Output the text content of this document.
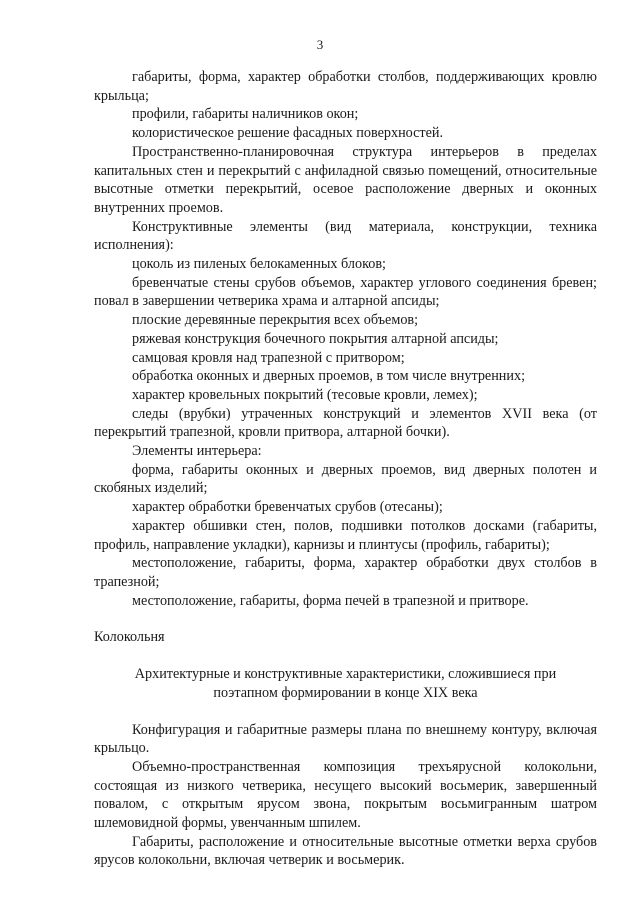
3

габариты, форма, характер обработки столбов, поддерживающих кровлю крыльца;

профили, габариты наличников окон;

колористическое решение фасадных поверхностей.

Пространственно-планировочная структура интерьеров в пределах капитальных стен и перекрытий с анфиладной связью помещений, относительные высотные отметки перекрытий, осевое расположение дверных и оконных внутренних проемов.

Конструктивные элементы (вид материала, конструкции, техника исполнения):

цоколь из пиленых белокаменных блоков;

бревенчатые стены срубов объемов, характер углового соединения бревен; повал в завершении четверика храма и алтарной апсиды;

плоские деревянные перекрытия всех объемов;

ряжевая конструкция бочечного покрытия алтарной апсиды;

самцовая кровля над трапезной с притвором;

обработка оконных и дверных проемов, в том числе внутренних;

характер кровельных покрытий (тесовые кровли, лемех);

следы (врубки) утраченных конструкций и элементов XVII века (от перекрытий трапезной, кровли притвора, алтарной бочки).

Элементы интерьера:

форма, габариты оконных и дверных проемов, вид дверных полотен и скобяных изделий;

характер обработки бревенчатых срубов (отесаны);

характер обшивки стен, полов, подшивки потолков досками (габариты, профиль, направление укладки), карнизы и плинтусы (профиль, габариты);

местоположение, габариты, форма, характер обработки двух столбов в трапезной;

местоположение, габариты, форма печей в трапезной и притворе.

Колокольня

Архитектурные и конструктивные характеристики, сложившиеся при поэтапном формировании в конце XIX века

Конфигурация и габаритные размеры плана по внешнему контуру, включая крыльцо.

Объемно-пространственная композиция трехъярусной колокольни, состоящая из низкого четверика, несущего высокий восьмерик, завершенный повалом, с открытым ярусом звона, покрытым восьмигранным шатром шлемовидной формы, увенчанным шпилем.

Габариты, расположение и относительные высотные отметки верха срубов ярусов колокольни, включая четверик и восьмерик.
